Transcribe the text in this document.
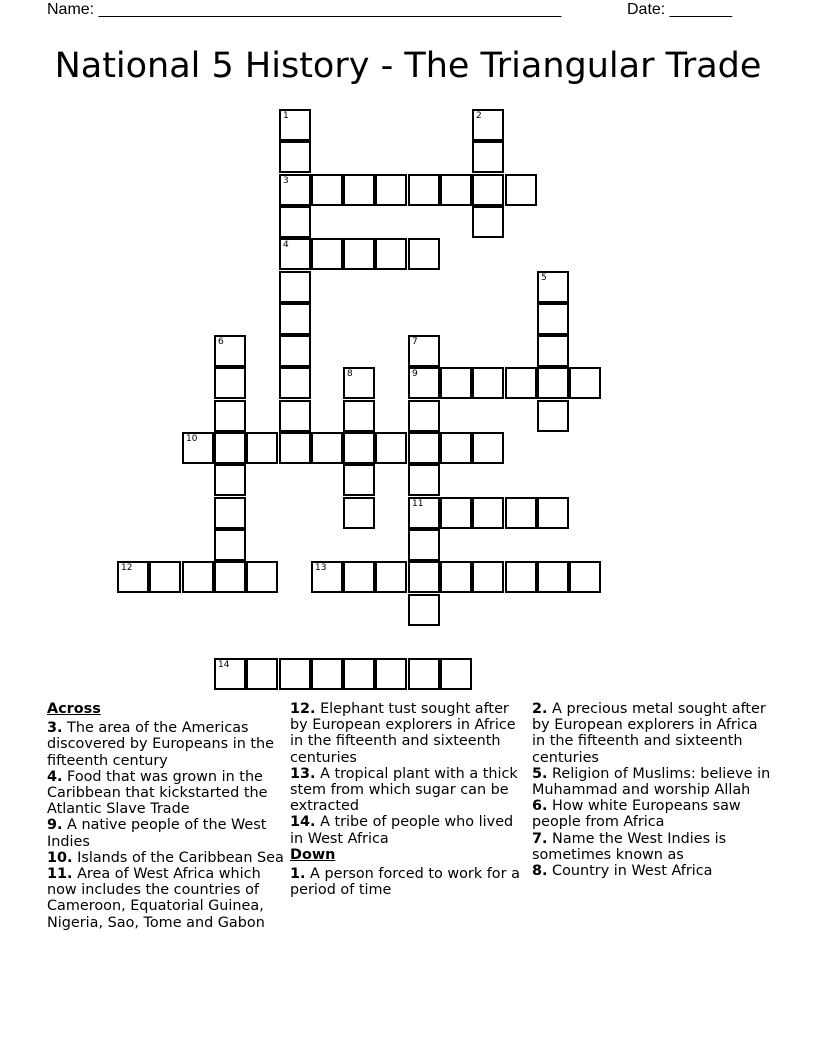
Name: ____________________________________________________	Date: _______
National 5 History - The Triangular Trade
1	2
3
4
5
6	7
8	9
10
11
12	13
14
Across
3. The area of the Americas discovered by Europeans in the fifteenth century
4. Food that was grown in the Caribbean that kickstarted the Atlantic Slave Trade
9. A native people of the West Indies
10. Islands of the Caribbean Sea
11. Area of West Africa which now includes the countries of Cameroon, Equatorial Guinea, Nigeria, Sao, Tome and Gabon
12. Elephant tust sought after by European explorers in Africe in the fifteenth and sixteenth centuries
13. A tropical plant with a thick stem from which sugar can be extracted
14. A tribe of people who lived in West Africa
Down
1. A person forced to work for a period of time
2. A precious metal sought after by European explorers in Africa in the fifteenth and sixteenth centuries
5. Religion of Muslims: believe in Muhammad and worship Allah
6. How white Europeans saw people from Africa
7. Name the West Indies is sometimes known as
8. Country in West Africa
